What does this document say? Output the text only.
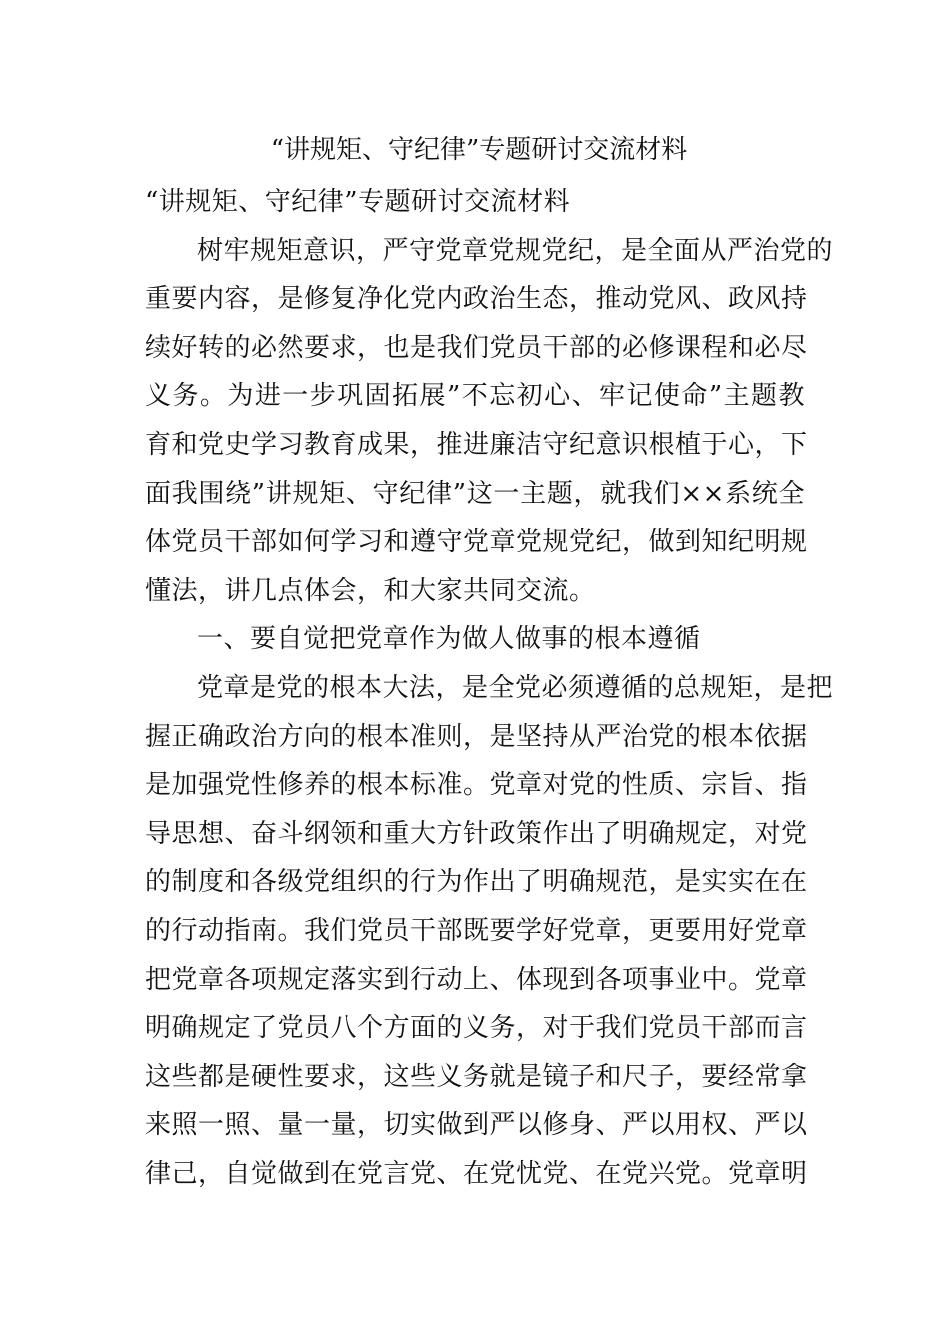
“讲规矩、守纪律”专题研讨交流材料

“讲规矩、守纪律”专题研讨交流材料

树牢规矩意识，严守党章党规党纪，是全面从严治党的
重要内容，是修复净化党内政治生态，推动党风、政风持
续好转的必然要求，也是我们党员干部的必修课程和必尽
义务。为进一步巩固拓展”不忘初心、牢记使命”主题教
育和党史学习教育成果，推进廉洁守纪意识根植于心，下
面我围绕”讲规矩、守纪律”这一主题，就我们××系统全
体党员干部如何学习和遵守党章党规党纪，做到知纪明规
懂法，讲几点体会，和大家共同交流。

一、要自觉把党章作为做人做事的根本遵循

党章是党的根本大法，是全党必须遵循的总规矩，是把
握正确政治方向的根本准则，是坚持从严治党的根本依据
是加强党性修养的根本标准。党章对党的性质、宗旨、指
导思想、奋斗纲领和重大方针政策作出了明确规定，对党
的制度和各级党组织的行为作出了明确规范，是实实在在
的行动指南。我们党员干部既要学好党章，更要用好党章
把党章各项规定落实到行动上、体现到各项事业中。党章
明确规定了党员八个方面的义务，对于我们党员干部而言
这些都是硬性要求，这些义务就是镜子和尺子，要经常拿
来照一照、量一量，切实做到严以修身、严以用权、严以
律己，自觉做到在党言党、在党忧党、在党兴党。党章明
